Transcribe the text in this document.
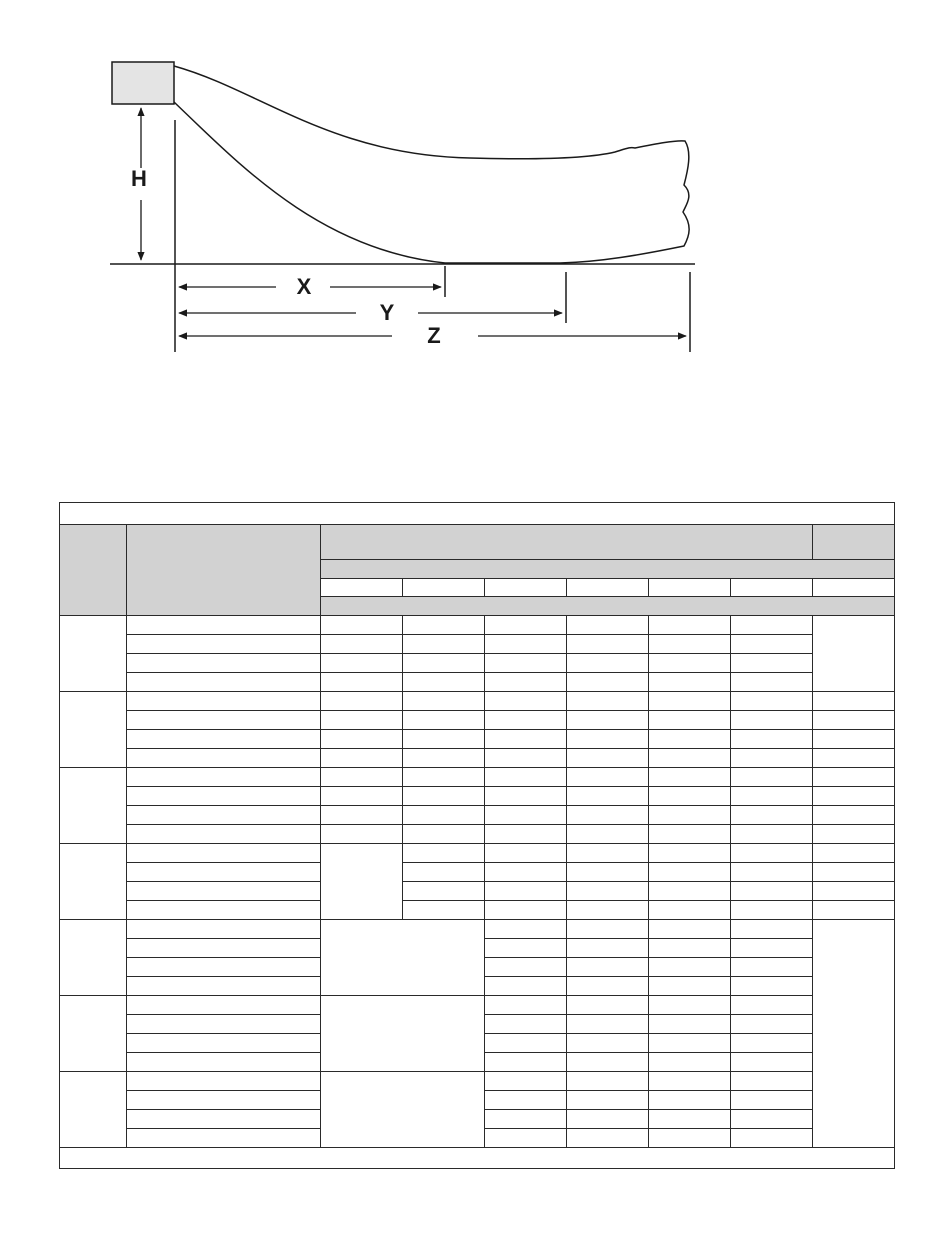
H
X
Y
Z
